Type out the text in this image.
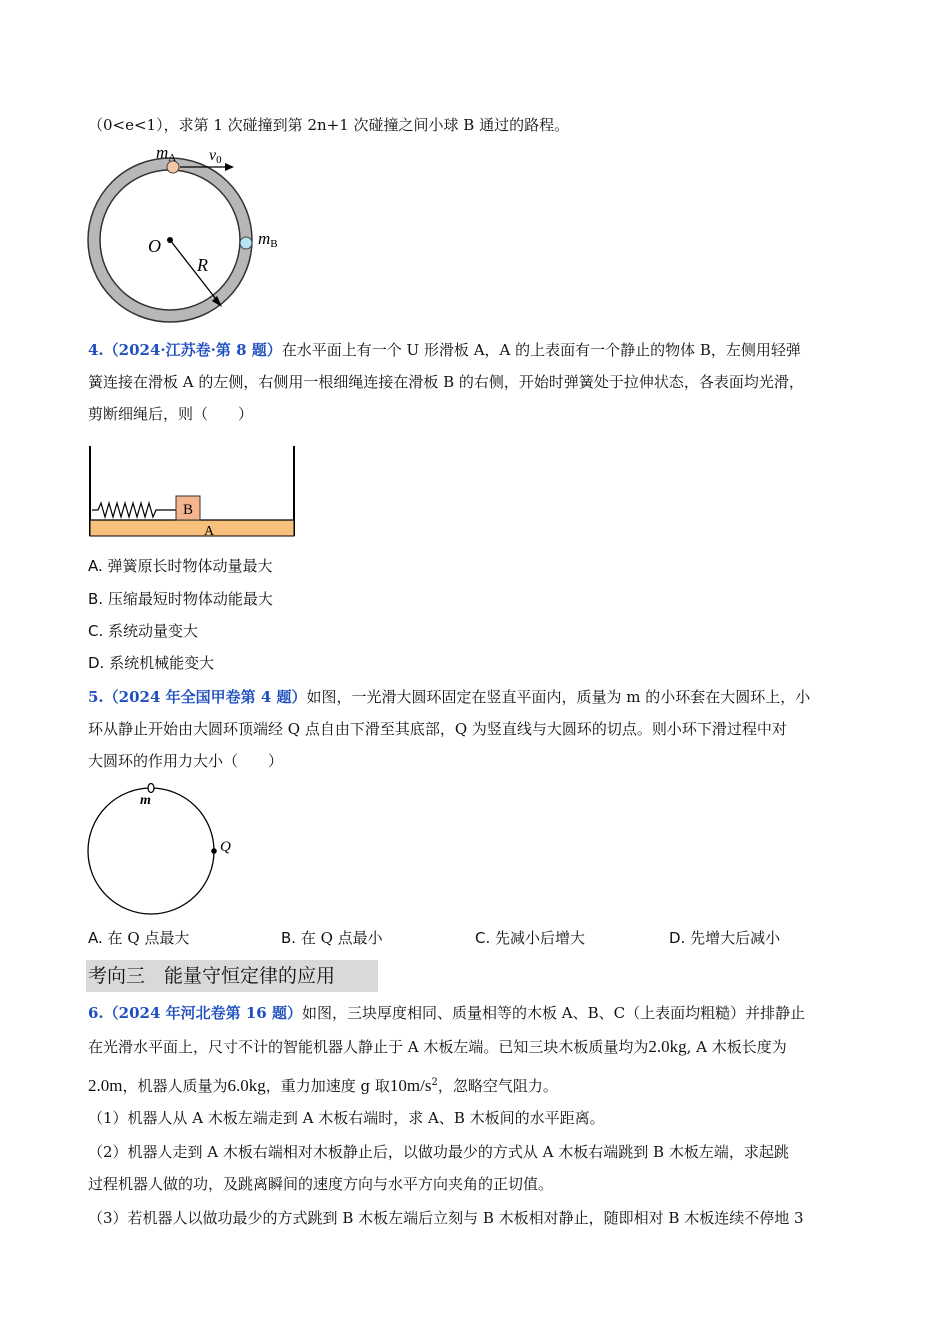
（0<e<1），求第 1 次碰撞到第 2n+1 次碰撞之间小球 B 通过的路程。
mA v0
O
R
mB
4.（2024·江苏卷·第 8 题）在水平面上有一个 U 形滑板 A，A 的上表面有一个静止的物体 B，左侧用轻弹
簧连接在滑板 A 的左侧，右侧用一根细绳连接在滑板 B 的右侧，开始时弹簧处于拉伸状态，各表面均光滑，
剪断细绳后，则（　　）
B
A
A. 弹簧原长时物体动量最大
B. 压缩最短时物体动能最大
C. 系统动量变大
D. 系统机械能变大
5.（2024 年全国甲卷第 4 题）如图，一光滑大圆环固定在竖直平面内，质量为 m 的小环套在大圆环上，小
环从静止开始由大圆环顶端经 Q 点自由下滑至其底部，Q 为竖直线与大圆环的切点。则小环下滑过程中对
大圆环的作用力大小（　　）
m
Q
A. 在 Q 点最大	B. 在 Q 点最小	C. 先减小后增大	D. 先增大后减小
考向三　能量守恒定律的应用
6.（2024 年河北卷第 16 题）如图，三块厚度相同、质量相等的木板 A、B、C（上表面均粗糙）并排静止
在光滑水平面上，尺寸不计的智能机器人静止于 A 木板左端。已知三块木板质量均为2.0kg, A 木板长度为
2.0m，机器人质量为6.0kg，重力加速度 g 取$10m/s^2$，忽略空气阻力。
（1）机器人从 A 木板左端走到 A 木板右端时，求 A、B 木板间的水平距离。
（2）机器人走到 A 木板右端相对木板静止后，以做功最少的方式从 A 木板右端跳到 B 木板左端，求起跳
过程机器人做的功，及跳离瞬间的速度方向与水平方向夹角的正切值。
（3）若机器人以做功最少的方式跳到 B 木板左端后立刻与 B 木板相对静止，随即相对 B 木板连续不停地 3
